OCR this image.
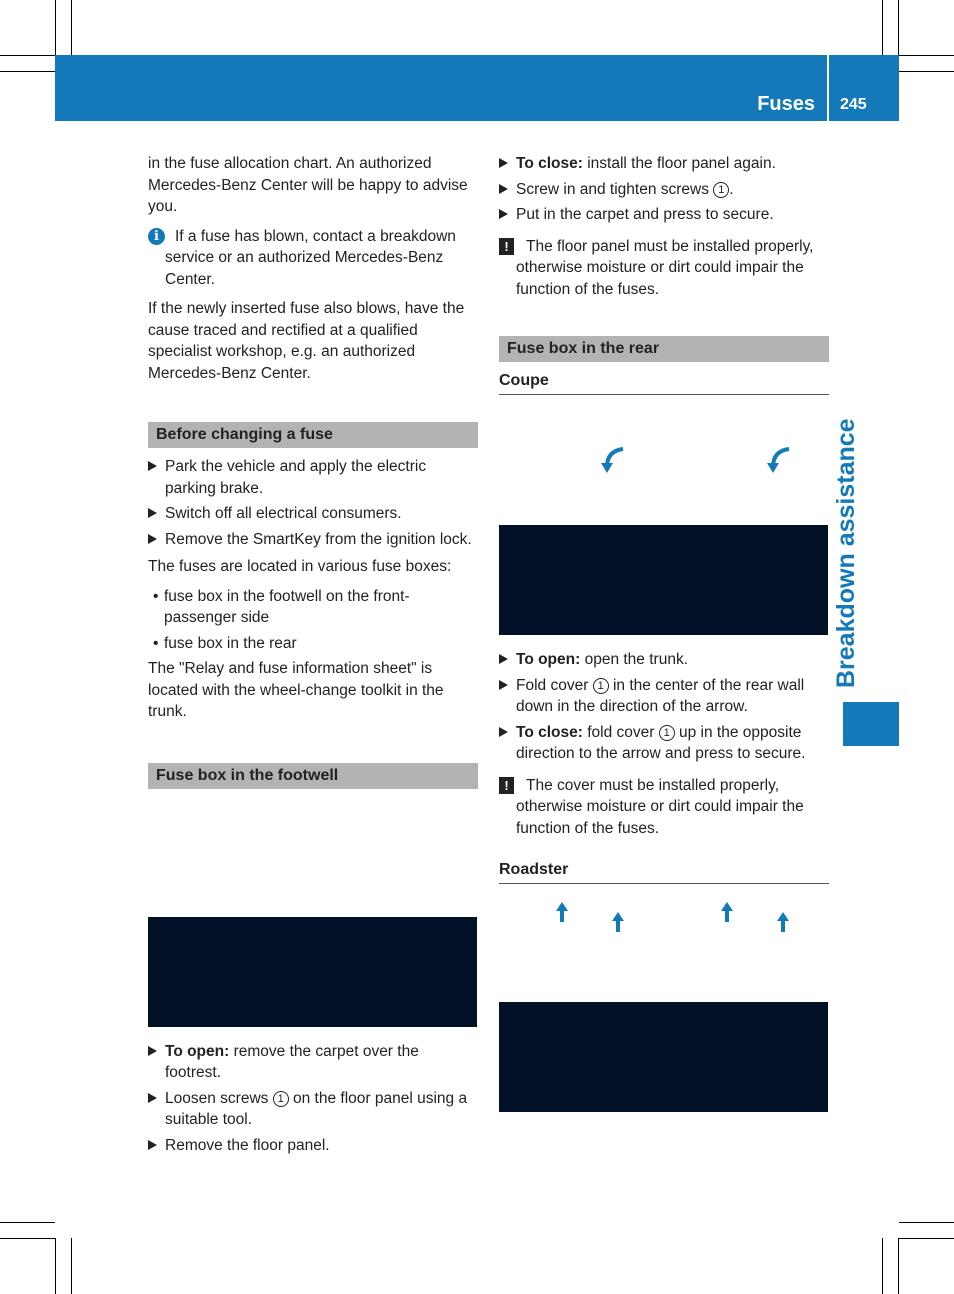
Fuses 245
Breakdown assistance

in the fuse allocation chart. An authorized Mercedes-Benz Center will be happy to advise you.

i	If a fuse has blown, contact a breakdown service or an authorized Mercedes-Benz Center.

If the newly inserted fuse also blows, have the cause traced and rectified at a qualified specialist workshop, e.g. an authorized Mercedes-Benz Center.

Before changing a fuse
Park the vehicle and apply the electric parking brake.
Switch off all electrical consumers.
Remove the SmartKey from the ignition lock.

The fuses are located in various fuse boxes:

• fuse box in the footwell on the front-passenger side
• fuse box in the rear

The "Relay and fuse information sheet" is located with the wheel-change toolkit in the trunk.

Fuse box in the footwell
To open: remove the carpet over the footrest.
Loosen screws 1 on the floor panel using a suitable tool.
Remove the floor panel.
To close: install the floor panel again.
Screw in and tighten screws 1 .
Put in the carpet and press to secure.
!	The floor panel must be installed properly, otherwise moisture or dirt could impair the function of the fuses.
Fuse box in the rear
Coupe
To open: open the trunk.
Fold cover 1 in the center of the rear wall down in the direction of the arrow.
To close: fold cover 1 up in the opposite direction to the arrow and press to secure.
!	The cover must be installed properly, otherwise moisture or dirt could impair the function of the fuses.
Roadster
